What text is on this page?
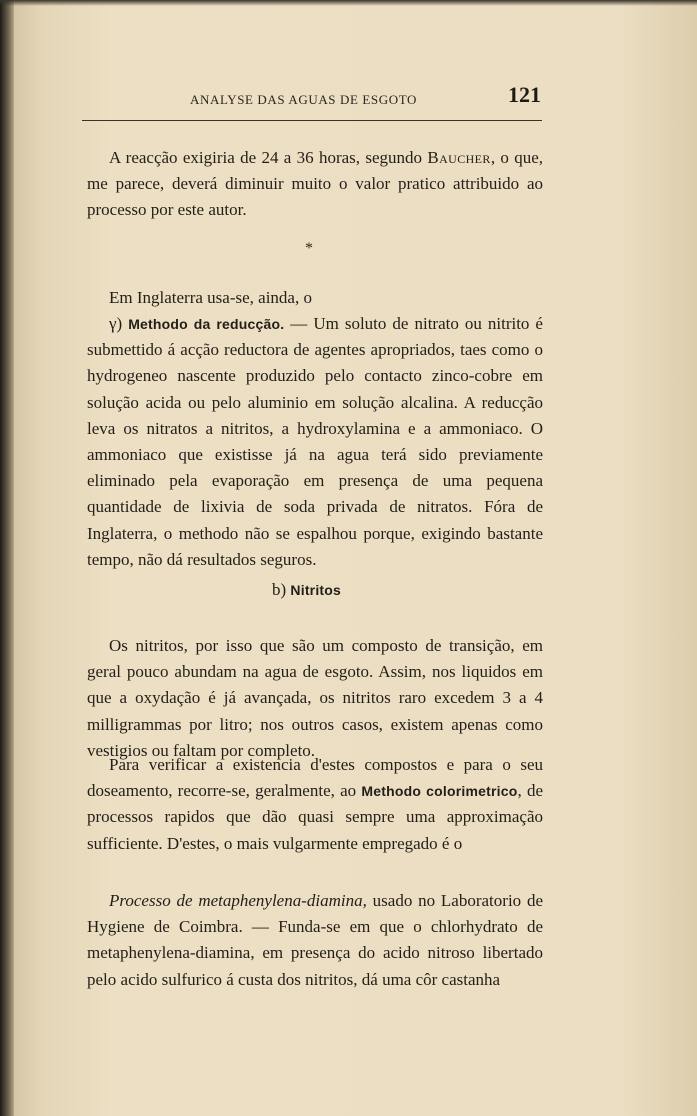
ANALYSE DAS AGUAS DE ESGOTO	121

A reacção exigiria de 24 a 36 horas, segundo Baucher, o que, me parece, deverá diminuir muito o valor pratico attribuido ao processo por este autor.

*

Em Inglaterra usa-se, ainda, o

γ) Methodo da reducção. — Um soluto de nitrato ou nitrito é submettido á acção reductora de agentes apropriados, taes como o hydrogeneo nascente produzido pelo contacto zinco-cobre em solução acida ou pelo aluminio em solução alcalina. A reducção leva os nitratos a nitritos, a hydroxylamina e a ammoniaco. O ammoniaco que existisse já na agua terá sido previamente eliminado pela evaporação em presença de uma pequena quantidade de lixivia de soda privada de nitratos. Fóra de Inglaterra, o methodo não se espalhou porque, exigindo bastante tempo, não dá resultados seguros.

b) Nitritos

Os nitritos, por isso que são um composto de transição, em geral pouco abundam na agua de esgoto. Assim, nos liquidos em que a oxydação é já avançada, os nitritos raro excedem 3 a 4 milligrammas por litro; nos outros casos, existem apenas como vestigios ou faltam por completo.

Para verificar a existencia d'estes compostos e para o seu doseamento, recorre-se, geralmente, ao Methodo colorimetrico, de processos rapidos que dão quasi sempre uma approximação sufficiente. D'estes, o mais vulgarmente empregado é o

Processo de metaphenylena-diamina, usado no Laboratorio de Hygiene de Coimbra. — Funda-se em que o chlorhydrato de metaphenylena-diamina, em presença do acido nitroso libertado pelo acido sulfurico á custa dos nitritos, dá uma côr castanha
